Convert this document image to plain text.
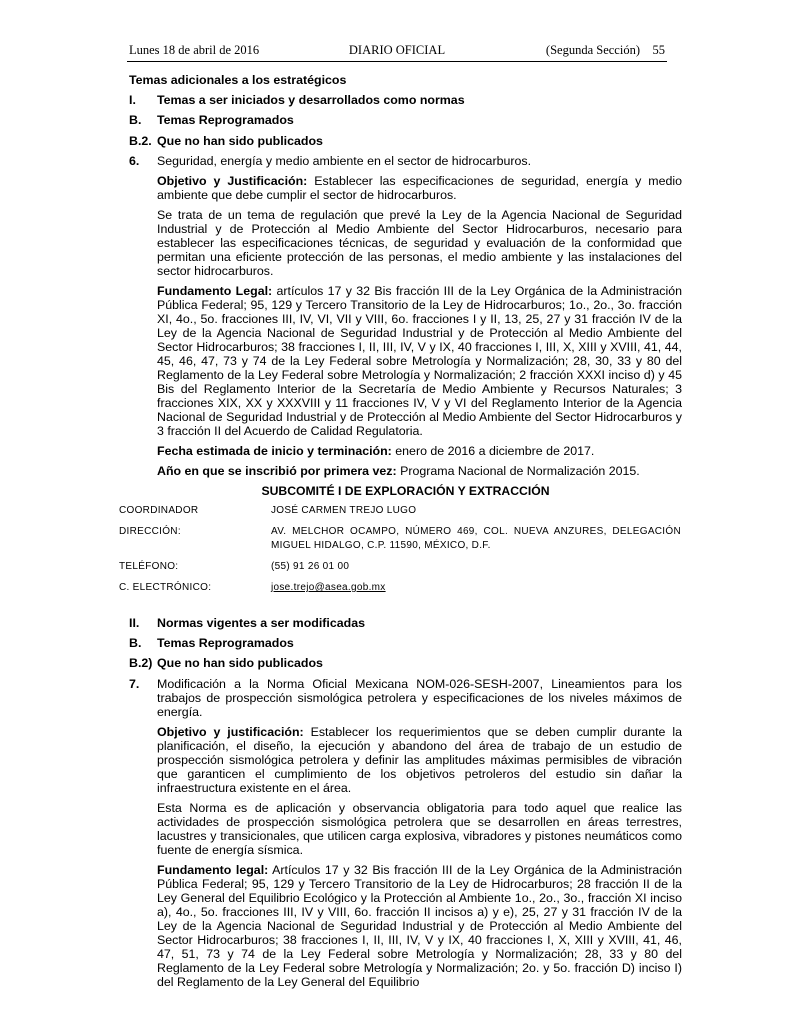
Lunes 18 de abril de 2016	DIARIO OFICIAL	(Segunda Sección) 55
Temas adicionales a los estratégicos
I. Temas a ser iniciados y desarrollados como normas
B. Temas Reprogramados
B.2. Que no han sido publicados
6. Seguridad, energía y medio ambiente en el sector de hidrocarburos.

Objetivo y Justificación: Establecer las especificaciones de seguridad, energía y medio ambiente que debe cumplir el sector de hidrocarburos.

Se trata de un tema de regulación que prevé la Ley de la Agencia Nacional de Seguridad Industrial y de Protección al Medio Ambiente del Sector Hidrocarburos, necesario para establecer las especificaciones técnicas, de seguridad y evaluación de la conformidad que permitan una eficiente protección de las personas, el medio ambiente y las instalaciones del sector hidrocarburos.

Fundamento Legal: artículos 17 y 32 Bis fracción III de la Ley Orgánica de la Administración Pública Federal; 95, 129 y Tercero Transitorio de la Ley de Hidrocarburos; 1o., 2o., 3o. fracción XI, 4o., 5o. fracciones III, IV, VI, VII y VIII, 6o. fracciones I y II, 13, 25, 27 y 31 fracción IV de la Ley de la Agencia Nacional de Seguridad Industrial y de Protección al Medio Ambiente del Sector Hidrocarburos; 38 fracciones I, II, III, IV, V y IX, 40 fracciones I, III, X, XIII y XVIII, 41, 44, 45, 46, 47, 73 y 74 de la Ley Federal sobre Metrología y Normalización; 28, 30, 33 y 80 del Reglamento de la Ley Federal sobre Metrología y Normalización; 2 fracción XXXI inciso d) y 45 Bis del Reglamento Interior de la Secretaría de Medio Ambiente y Recursos Naturales; 3 fracciones XIX, XX y XXXVIII y 11 fracciones IV, V y VI del Reglamento Interior de la Agencia Nacional de Seguridad Industrial y de Protección al Medio Ambiente del Sector Hidrocarburos y 3 fracción II del Acuerdo de Calidad Regulatoria.

Fecha estimada de inicio y terminación: enero de 2016 a diciembre de 2017.

Año en que se inscribió por primera vez: Programa Nacional de Normalización 2015.

SUBCOMITÉ I DE EXPLORACIÓN Y EXTRACCIÓN
COORDINADOR	JOSÉ CARMEN TREJO LUGO
DIRECCIÓN:	AV. MELCHOR OCAMPO, NÚMERO 469, COL. NUEVA ANZURES, DELEGACIÓN MIGUEL HIDALGO, C.P. 11590, MÉXICO, D.F.
TELÉFONO:	(55) 91 26 01 00
C. ELECTRÓNICO:	jose.trejo@asea.gob.mx
II. Normas vigentes a ser modificadas
B. Temas Reprogramados
B.2) Que no han sido publicados
7. Modificación a la Norma Oficial Mexicana NOM-026-SESH-2007, Lineamientos para los trabajos de prospección sismológica petrolera y especificaciones de los niveles máximos de energía.

Objetivo y justificación: Establecer los requerimientos que se deben cumplir durante la planificación, el diseño, la ejecución y abandono del área de trabajo de un estudio de prospección sismológica petrolera y definir las amplitudes máximas permisibles de vibración que garanticen el cumplimiento de los objetivos petroleros del estudio sin dañar la infraestructura existente en el área.

Esta Norma es de aplicación y observancia obligatoria para todo aquel que realice las actividades de prospección sismológica petrolera que se desarrollen en áreas terrestres, lacustres y transicionales, que utilicen carga explosiva, vibradores y pistones neumáticos como fuente de energía sísmica.

Fundamento legal: Artículos 17 y 32 Bis fracción III de la Ley Orgánica de la Administración Pública Federal; 95, 129 y Tercero Transitorio de la Ley de Hidrocarburos; 28 fracción II de la Ley General del Equilibrio Ecológico y la Protección al Ambiente 1o., 2o., 3o., fracción XI inciso a), 4o., 5o. fracciones III, IV y VIII, 6o. fracción II incisos a) y e), 25, 27 y 31 fracción IV de la Ley de la Agencia Nacional de Seguridad Industrial y de Protección al Medio Ambiente del Sector Hidrocarburos; 38 fracciones I, II, III, IV, V y IX, 40 fracciones I, X, XIII y XVIII, 41, 46, 47, 51, 73 y 74 de la Ley Federal sobre Metrología y Normalización; 28, 33 y 80 del Reglamento de la Ley Federal sobre Metrología y Normalización; 2o. y 5o. fracción D) inciso I) del Reglamento de la Ley General del Equilibrio
